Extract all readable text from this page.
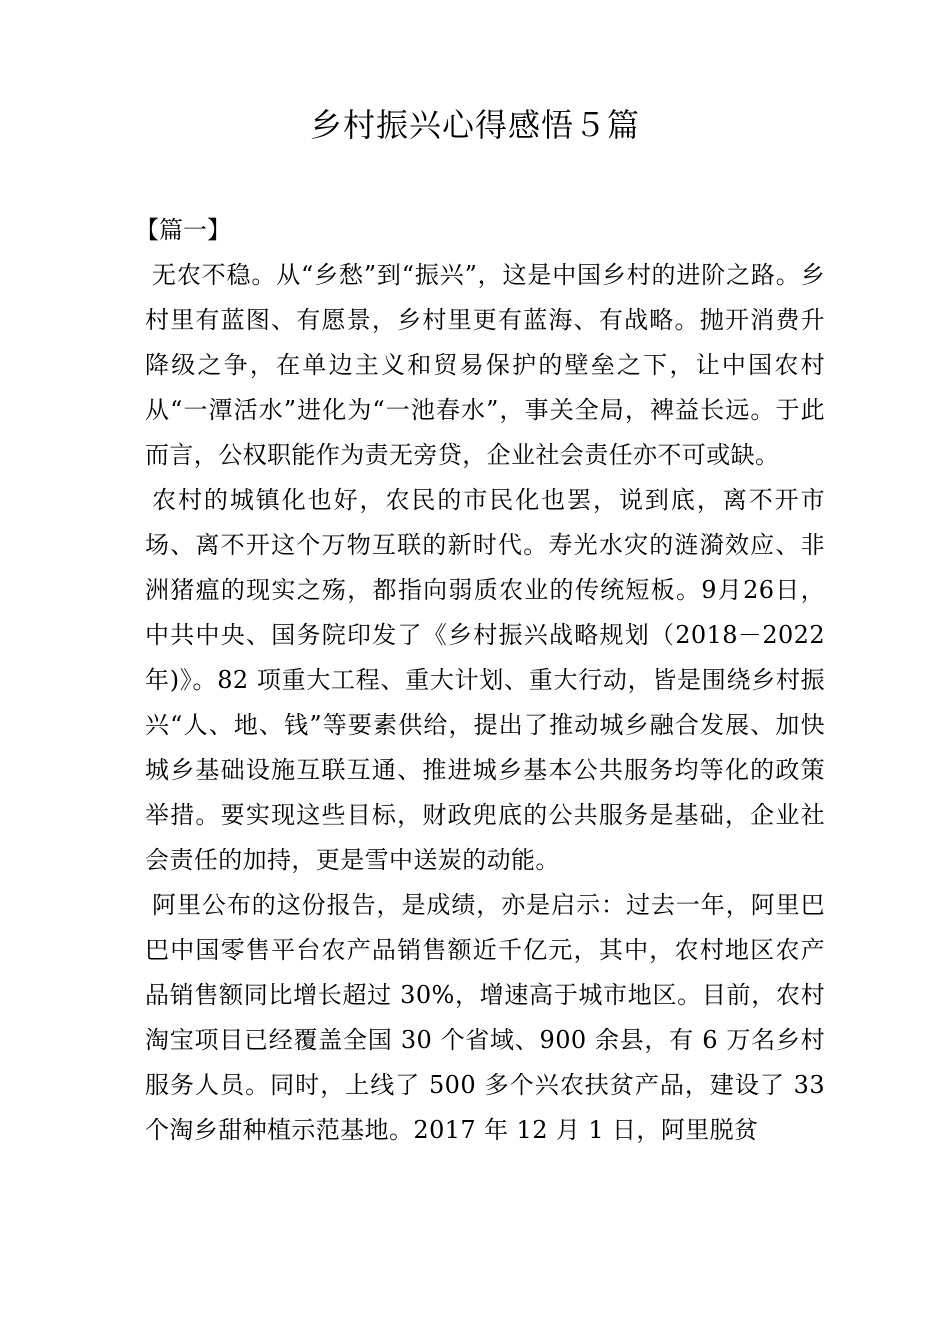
乡村振兴心得感悟５篇
【篇一】

无农不稳。从“乡愁”到“振兴”，这是中国乡村的进阶之路。乡村里有蓝图、有愿景，乡村里更有蓝海、有战略。抛开消费升降级之争，在单边主义和贸易保护的壁垒之下，让中国农村从“一潭活水”进化为“一池春水”，事关全局，裨益长远。于此而言，公权职能作为责无旁贷，企业社会责任亦不可或缺。

农村的城镇化也好，农民的市民化也罢，说到底，离不开市场、离不开这个万物互联的新时代。寿光水灾的涟漪效应、非洲猪瘟的现实之殇，都指向弱质农业的传统短板。9月26日，中共中央、国务院印发了《乡村振兴战略规划（2018－2022 年)》。82 项重大工程、重大计划、重大行动，皆是围绕乡村振兴“人、地、钱”等要素供给，提出了推动城乡融合发展、加快城乡基础设施互联互通、推进城乡基本公共服务均等化的政策举措。要实现这些目标，财政兜底的公共服务是基础，企业社会责任的加持，更是雪中送炭的动能。

阿里公布的这份报告，是成绩，亦是启示：过去一年，阿里巴巴中国零售平台农产品销售额近千亿元，其中，农村地区农产品销售额同比增长超过 30%，增速高于城市地区。目前，农村淘宝项目已经覆盖全国 30 个省域、900 余县，有 6 万名乡村服务人员。同时，上线了 500 多个兴农扶贫产品，建设了 33 个淘乡甜种植示范基地。2017 年 12 月 1 日，阿里脱贫
